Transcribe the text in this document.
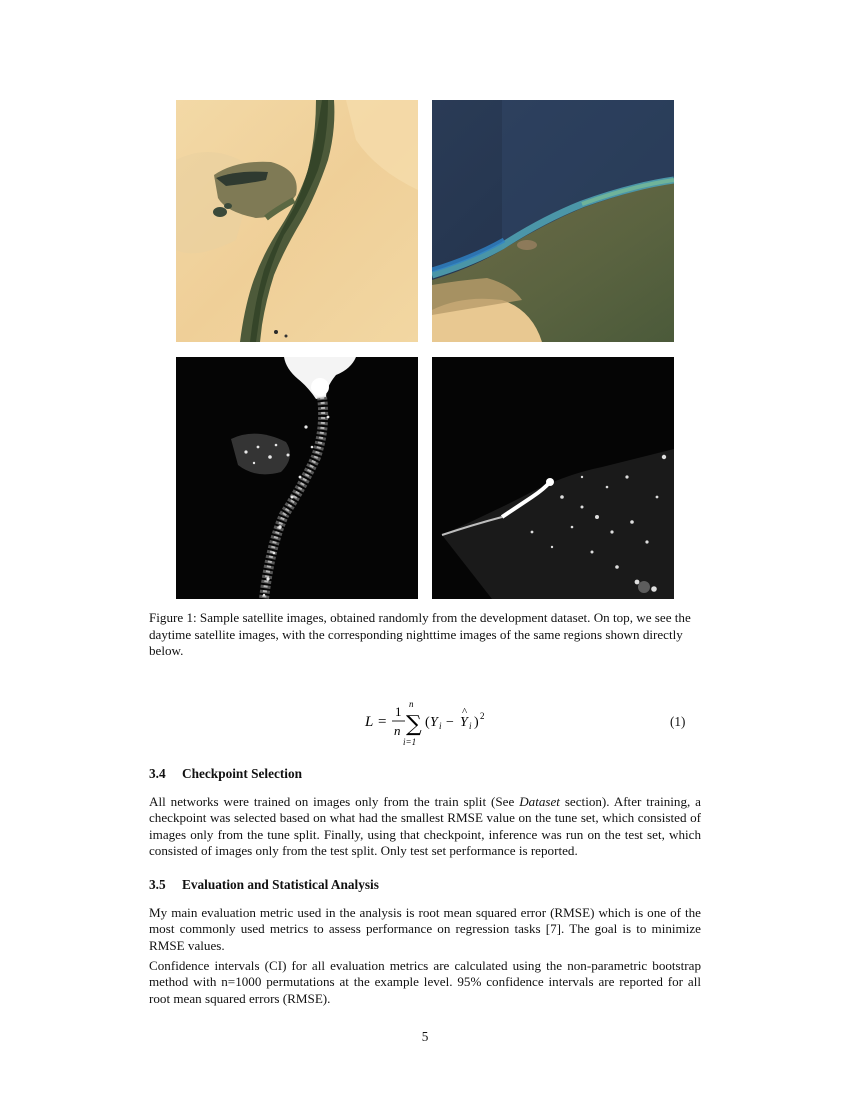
Figure 1: Sample satellite images, obtained randomly from the development dataset. On top, we see the daytime satellite images, with the corresponding nighttime images of the same regions shown directly below.
L =
1
n
n
∑
i=1
( Y i − Y
^
i ) 2	(1)
3.4 Checkpoint Selection
All networks were trained on images only from the train split (See Dataset section). After training, a checkpoint was selected based on what had the smallest RMSE value on the tune set, which consisted of images only from the tune split. Finally, using that checkpoint, inference was run on the test set, which consisted of images only from the test split. Only test set performance is reported.
3.5 Evaluation and Statistical Analysis
My main evaluation metric used in the analysis is root mean squared error (RMSE) which is one of the most commonly used metrics to assess performance on regression tasks [7]. The goal is to minimize RMSE values.
Confidence intervals (CI) for all evaluation metrics are calculated using the non-parametric bootstrap method with n=1000 permutations at the example level. 95% confidence intervals are reported for all root mean squared errors (RMSE).
5
